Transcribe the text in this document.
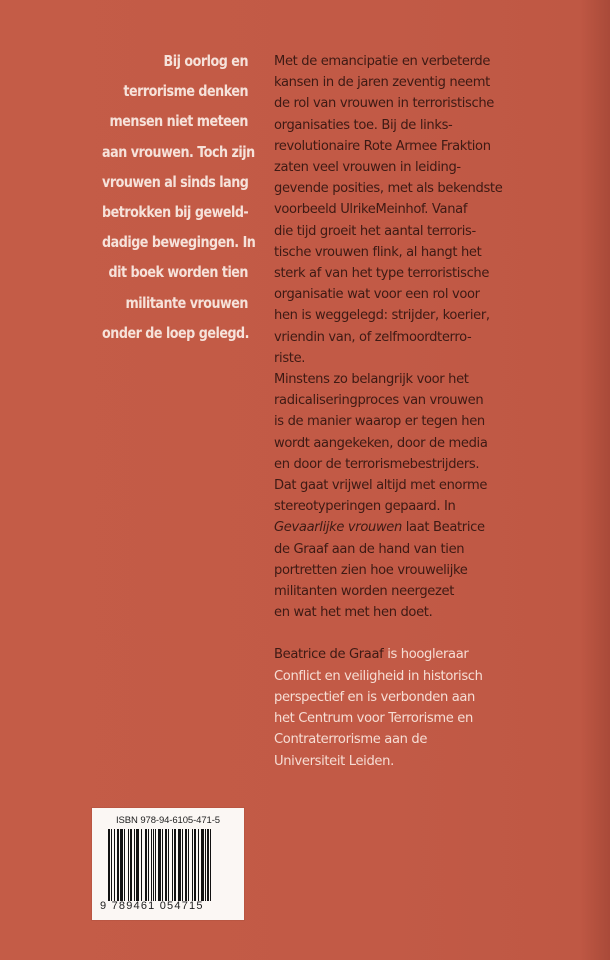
Bij oorlog en
terrorisme denken
mensen niet meteen
aan vrouwen. Toch zijn
vrouwen al sinds lang
betrokken bij geweld-
dadige bewegingen. In
dit boek worden tien
militante vrouwen
onder de loep gelegd.
Met de emancipatie en verbeterde
kansen in de jaren zeventig neemt
de rol van vrouwen in terroristische
organisaties toe. Bij de links-
revolutionaire Rote Armee Fraktion
zaten veel vrouwen in leiding-
gevende posities, met als bekendste
voorbeeld UlrikeMeinhof. Vanaf
die tijd groeit het aantal terroris-
tische vrouwen flink, al hangt het
sterk af van het type terroristische
organisatie wat voor een rol voor
hen is weggelegd: strijder, koerier,
vriendin van, of zelfmoordterro-
riste.
Minstens zo belangrijk voor het
radicaliseringproces van vrouwen
is de manier waarop er tegen hen
wordt aangekeken, door de media
en door de terrorismebestrijders.
Dat gaat vrijwel altijd met enorme
stereotyperingen gepaard. In
Gevaarlijke vrouwen laat Beatrice
de Graaf aan de hand van tien
portretten zien hoe vrouwelijke
militanten worden neergezet
en wat het met hen doet.
Beatrice de Graaf is hoogleraar
Conflict en veiligheid in historisch
perspectief en is verbonden aan
het Centrum voor Terrorisme en
Contraterrorisme aan de
Universiteit Leiden.
ISBN 978-94-6105-471-5
9 789461 054715
